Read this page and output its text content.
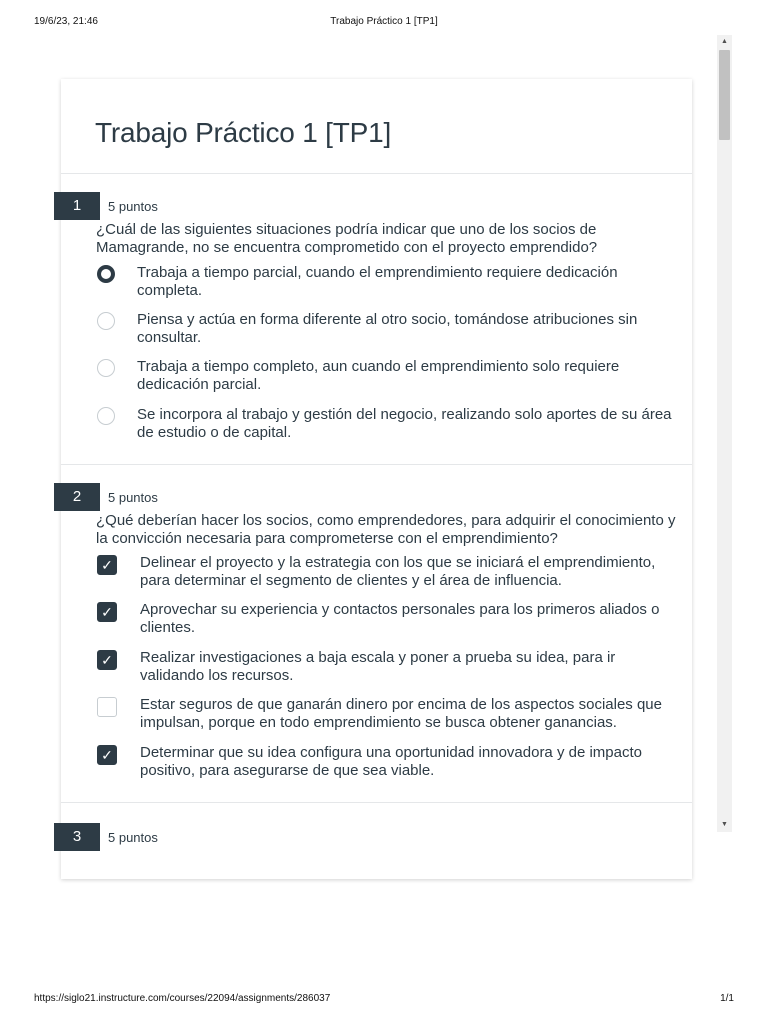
19/6/23, 21:46	Trabajo Práctico 1 [TP1]
Trabajo Práctico 1 [TP1]
1	5 puntos
¿Cuál de las siguientes situaciones podría indicar que uno de los socios de Mamagrande, no se encuentra comprometido con el proyecto emprendido?
Trabaja a tiempo parcial, cuando el emprendimiento requiere dedicación completa.
Piensa y actúa en forma diferente al otro socio, tomándose atribuciones sin consultar.
Trabaja a tiempo completo, aun cuando el emprendimiento solo requiere dedicación parcial.
Se incorpora al trabajo y gestión del negocio, realizando solo aportes de su área de estudio o de capital.
2	5 puntos
¿Qué deberían hacer los socios, como emprendedores, para adquirir el conocimiento y la convicción necesaria para comprometerse con el emprendimiento?
✓ Delinear el proyecto y la estrategia con los que se iniciará el emprendimiento, para determinar el segmento de clientes y el área de influencia.
✓ Aprovechar su experiencia y contactos personales para los primeros aliados o clientes.
✓ Realizar investigaciones a baja escala y poner a prueba su idea, para ir validando los recursos.
Estar seguros de que ganarán dinero por encima de los aspectos sociales que impulsan, porque en todo emprendimiento se busca obtener ganancias.
✓ Determinar que su idea configura una oportunidad innovadora y de impacto positivo, para asegurarse de que sea viable.
3	5 puntos
▲
▼
https://siglo21.instructure.com/courses/22094/assignments/286037	1/1
